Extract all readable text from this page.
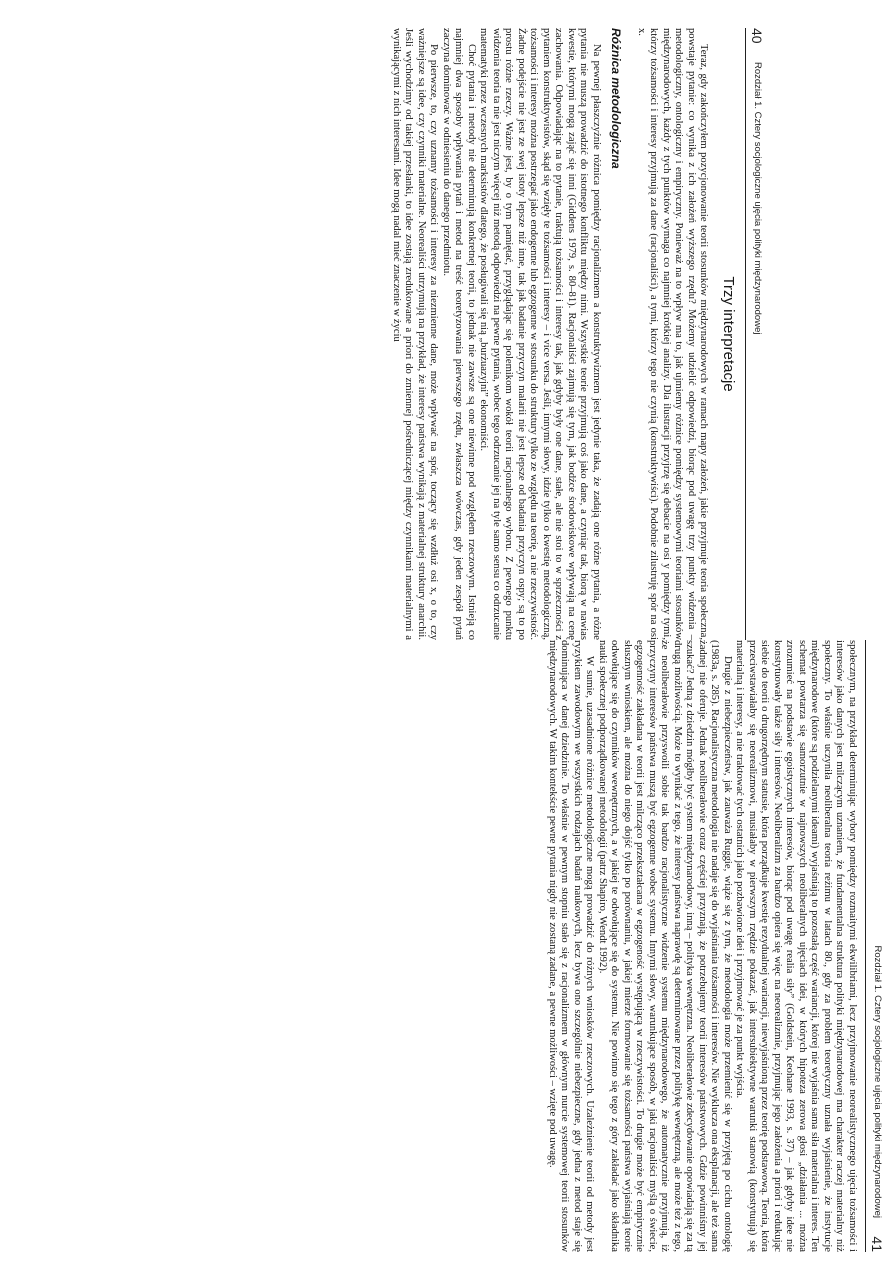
40
Rozdział 1. Cztery socjologiczne ujęcia polityki międzynarodowej
Trzy interpretacje

Teraz, gdy zakończyłem pozycjonowanie teorii stosunków międzynarodowych w ramach mapy założeń, jakie przyjmuje teoria społeczna, powstaje pytanie: co wynika z ich założeń wyższego rzędu? Możemy udzielić odpowiedzi, biorąc pod uwagę trzy punkty widzenia – metodologiczny, ontologiczny i empiryczny. Ponieważ na to wpływ ma to, jak ujmiemy różnice pomiędzy systemowymi teoriami stosunków międzynarodowych, każdy z tych punktów wymaga co najmniej krótkiej analizy. Dla ilustracji przyjrzę się debacie na osi y pomiędzy tymi, którzy tożsamości i interesy przyjmują za dane (racjonaliści), a tymi, którzy tego nie czynią (konstruktywiści). Podobnie zilustruję spór na osi x.

Różnica metodologiczna

Na pewnej płaszczyźnie różnica pomiędzy racjonalizmem a konstruktywizmem jest jedynie taka, że zadają one różne pytania, a różne pytania nie muszą prowadzić do istotnego konfliktu między nimi. Wszystkie teorie przyjmują coś jako dane, a czyniąc tak, biorą w nawias kwestie, którymi mogą zająć się inni (Giddens 1979, s. 80–81). Racjonaliści zajmują się tym, jak bodźce środowiskowe wpływają na cenę zachowania. Odpowiadając na to pytanie, traktują tożsamości i interesy tak, jak gdyby były one dane, stałe, ale nie stoi to w sprzeczności z pytaniem konstruktywistów, skąd się wzięły te tożsamości i interesy – i vice versa. Jeśli, innymi słowy, idzie tylko o kwestię metodologiczną, tożsamości i interesy można postrzegać jako endogenne lub egzogenne w stosunku do struktury tylko ze względu na teorię, a nie rzeczywistość. Żadne podejście nie jest ze swej istoty lepsze niż inne, tak jak badanie przyczyn malarii nie jest lepsze od badania przyczyn ospy; są to po prostu różne rzeczy. Ważne jest, by o tym pamiętać, przyglądając się polemikom wokół teorii racjonalnego wyboru. Z pewnego punktu widzenia teoria ta nie jest niczym więcej niż metodą odpowiedzi na pewne pytania, wobec tego odrzucanie jej na tyle samo sensu co odrzucanie matematyki przez wczesnych marksistów dlatego, że posługiwali się nią „burżuazyjni” ekonomiści.

Choć pytania i metody nie determinują konkretnej teorii, to jednak nie zawsze są one niewinne pod względem rzeczowym. Istnieją co najmniej dwa sposoby wpływania pytań i metod na treść teoretyzowania pierwszego rzędu, zwłaszcza wówczas, gdy jeden zespół pytań zaczyna dominować w odniesieniu do danego przedmiotu.

Po pierwsze, to, czy uznamy tożsamości i interesy za niezmienne dane, może wpływać na spór, toczący się wzdłuż osi x, o to, czy ważniejsze są idee, czy czynniki materialne. Neorealiści utrzymują na przykład, że interesy państwa wynikają z materialnej struktury anarchii. Jeśli wychodzimy od takiej przesłanki, to idee zostają zredukowane a priori do zmiennej pośredniczącej między czynnikami materialnymi a wynikającymi z nich interesami. Idee mogą nadal mieć znaczenie w życiu

Rozdział 1. Cztery socjologiczne ujęcia polityki międzynarodowej
41

społecznym, na przykład determinując wybory pomiędzy rozmaitymi ekwilibriami, lecz przyjmowanie neorealistycznego ujęcia tożsamości i interesów jako danych jest milczącym uznaniem, że fundamentalna struktura polityki międzynarodowej ma charakter raczej materialny niż społeczny. To właśnie uczyniła neoliberalna teoria reżimu w latach 80., gdy za problem teoretyczny uznała wyjaśnienie, że instytucje międzynarodowe (które są podzielanymi ideami) wyjaśniają to pozostałą część wariancji, której nie wyjaśnia sama siła materialna i interes. Ten schemat powtarza się samorzutnie w najnowszych neoliberalnych ujęciach idei, w których hipoteza zerowa głosi „działania ... można zrozumieć na podstawie egoistycznych interesów, biorąc pod uwagę realia siły” (Goldstein, Keohane 1993, s. 37) – jak gdyby idee nie konstytuowały także siły i interesów. Neoliberalizm za bardzo opiera się więc na neorealizmie, przyjmując jego założenia a priori i redukując siebie do teorii o drugorzędnym statusie, która porządkuje kwestię rezydualnej wariancji, niewyjaśnioną przez teorię podstawową. Teoria, która przeciwstawiałaby się neorealizmowi, musiałaby w pierwszym rzędzie pokazać, jak intersubiektywne warunki stanowią (konstytuują) się materialną i interesy, a nie traktować tych ostatnich jako pozbawione idei i przyjmować je za punkt wyjścia.

Drugie z niebezpieczeństw, jak zauważa Ruggie, wiąże się z tym, że metodologia może przemienić się w przyjętą po cichu ontologię (1983a, s. 285). Racjonalistyczna metodologia nie nadaje się do wyjaśniania tożsamości i interesów. Nie wyklucza ona eksplanacji, ale też sama żadnej nie oferuje. Jednak neoliberałowie coraz częściej przyznają, że potrzebujemy teorii interesów państwowych. Gdzie powinniśmy jej szukać? Jedną z dziedzin mógłby być system międzynarodowy, inną – polityka wewnętrzna. Neoliberałowie zdecydowanie opowiadają się za tą drugą możliwością. Może to wynikać z tego, że interesy państwa naprawdę są determinowane przez politykę wewnętrzną, ale może też z tego, że neoliberałowie przyswoili sobie tak bardzo racjonalistyczne widzenie systemu międzynarodowego, że automatycznie przyjmują, iż przyczyny interesów państwa muszą być egzogenne wobec systemu. Innymi słowy, warunkujące sposób, w jaki racjonaliści myślą o świecie, egzogenność zakładana w teorii jest milcząco przekształcana w egzogeność występującą w rzeczywistości. To drugie może być empirycznie słusznym wnioskiem, ale można do niego dojść tylko po porównaniu, w jakiej mierze formowanie się tożsamości państwa wyjaśniają teorie odwołujące się do czynników wewnętrznych, a w jakiej te odwołujące się do systemu. Nie powinno się tego z góry zakładać jako składnika nauki społecznej podporządkowanej metodologii (patrz Shapiro, Wendt 1992).

W sumie, uzasadnione różnice metodologiczne mogą prowadzić do różnych wniosków rzeczowych. Uzależnienie teorii od metody jest ryzykiem zawodowym we wszystkich rodzajach badań naukowych, lecz bywa ono szczególnie niebezpieczne, gdy jedna z metod staje się dominująca w danej dziedzinie. To właśnie w pewnym stopniu stało się z racjonalizmem w głównym nurcie systemowej teorii stosunków międzynarodowych. W takim kontekście pewne pytania nigdy nie zostaną zadane, a pewne możliwości – wzięte pod uwagę.
